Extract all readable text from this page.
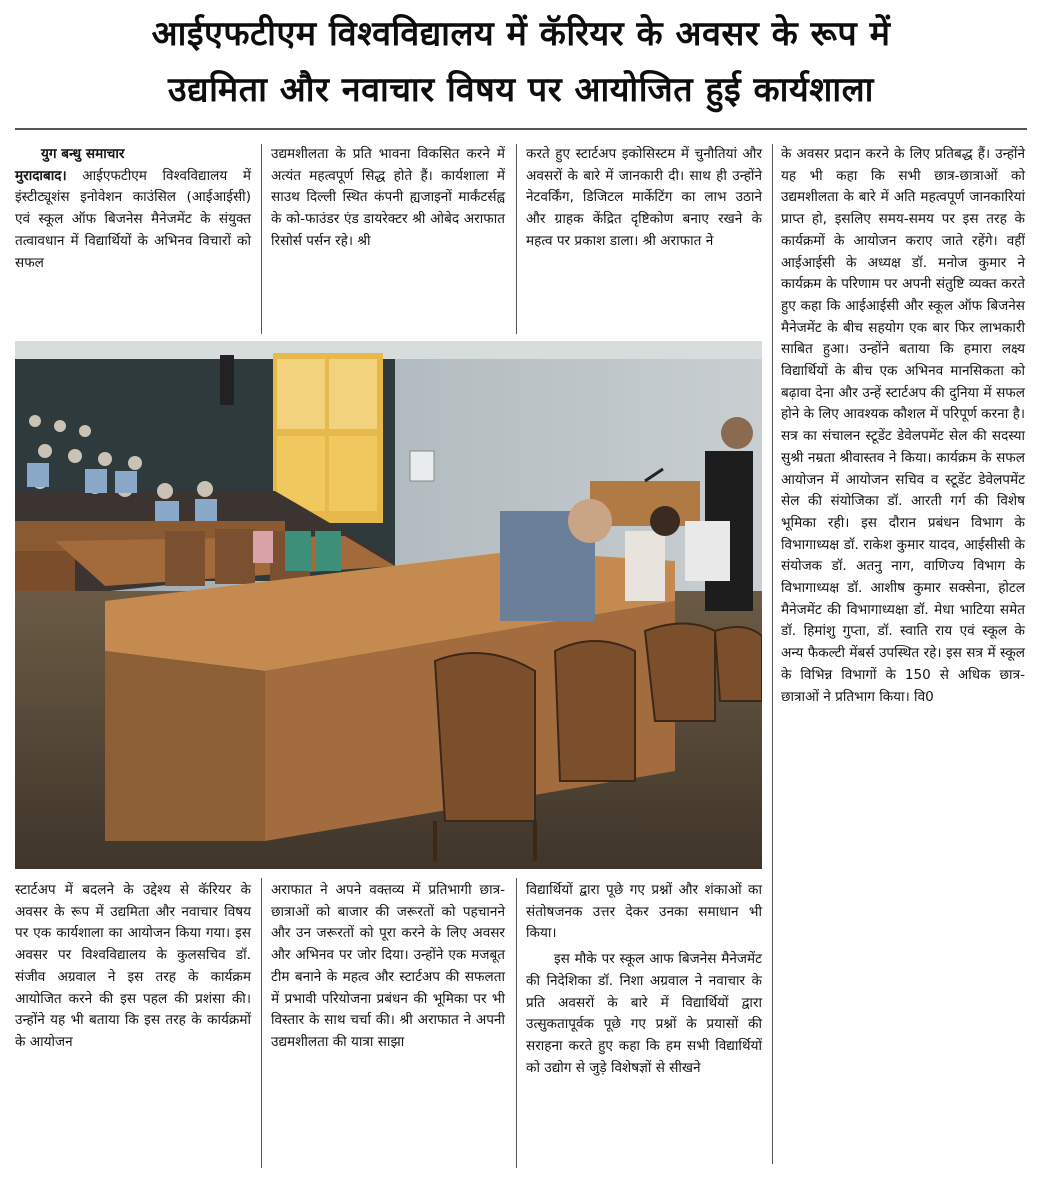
आईएफटीएम विश्वविद्यालय में कॅरियर के अवसर के रूप में
उद्यमिता और नवाचार विषय पर आयोजित हुई कार्यशाला

युग बन्धु समाचार

मुरादाबाद। आईएफटीएम विश्वविद्यालय में इंस्टीट्यूशंस इनोवेशन काउंसिल (आईआईसी) एवं स्कूल ऑफ बिजनेस मैनेजमेंट के संयुक्त तत्वावधान में विद्यार्थियों के अभिनव विचारों को सफल

उद्यमशीलता के प्रति भावना विकसित करने में अत्यंत महत्वपूर्ण सिद्ध होते हैं। कार्यशाला में साउथ दिल्ली स्थित कंपनी ह्यजाइनों मार्कंटर्सह्व के को-फाउंडर एंड डायरेक्टर श्री ओबेद अराफात रिसोर्स पर्सन रहे। श्री

करते हुए स्टार्टअप इकोसिस्टम में चुनौतियां और अवसरों के बारे में जानकारी दी। साथ ही उन्होंने नेटवर्किंग, डिजिटल मार्केटिंग का लाभ उठाने और ग्राहक केंद्रित दृष्टिकोण बनाए रखने के महत्व पर प्रकाश डाला। श्री अराफात ने

के अवसर प्रदान करने के लिए प्रतिबद्ध हैं। उन्होंने यह भी कहा कि सभी छात्र-छात्राओं को उद्यमशीलता के बारे में अति महत्वपूर्ण जानकारियां प्राप्त हो, इसलिए समय-समय पर इस तरह के कार्यक्रमों के आयोजन कराए जाते रहेंगे। वहीं आईआईसी के अध्यक्ष डॉ. मनोज कुमार ने कार्यक्रम के परिणाम पर अपनी संतुष्टि व्यक्त करते हुए कहा कि आईआईसी और स्कूल ऑफ बिजनेस मैनेजमेंट के बीच सहयोग एक बार फिर लाभकारी साबित हुआ। उन्होंने बताया कि हमारा लक्ष्य विद्यार्थियों के बीच एक अभिनव मानसिकता को बढ़ावा देना और उन्हें स्टार्टअप की दुनिया में सफल होने के लिए आवश्यक कौशल में परिपूर्ण करना है। सत्र का संचालन स्टूडेंट डेवेलपमेंट सेल की सदस्या सुश्री नम्रता श्रीवास्तव ने किया। कार्यक्रम के सफल आयोजन में आयोजन सचिव व स्टूडेंट डेवेलपमेंट सेल की संयोजिका डॉ. आरती गर्ग की विशेष भूमिका रही। इस दौरान प्रबंधन विभाग के विभागाध्यक्ष डॉ. राकेश कुमार यादव, आईसीसी के संयोजक डॉ. अतनु नाग, वाणिज्य विभाग के विभागाध्यक्ष डॉ. आशीष कुमार सक्सेना, होटल मैनेजमेंट की विभागाध्यक्षा डॉ. मेधा भाटिया समेत डॉ. हिमांशु गुप्ता, डॉ. स्वाति राय एवं स्कूल के अन्य फैकल्टी मेंबर्स उपस्थित रहे। इस सत्र में स्कूल के विभिन्न विभागों के 150 से अधिक छात्र-छात्राओं ने प्रतिभाग किया। वि0

स्टार्टअप में बदलने के उद्देश्य से कॅरियर के अवसर के रूप में उद्यमिता और नवाचार विषय पर एक कार्यशाला का आयोजन किया गया। इस अवसर पर विश्वविद्यालय के कुलसचिव डॉ. संजीव अग्रवाल ने इस तरह के कार्यक्रम आयोजित करने की इस पहल की प्रशंसा की। उन्होंने यह भी बताया कि इस तरह के कार्यक्रमों के आयोजन

अराफात ने अपने वक्तव्य में प्रतिभागी छात्र-छात्राओं को बाजार की जरूरतों को पहचानने और उन जरूरतों को पूरा करने के लिए अवसर और अभिनव पर जोर दिया। उन्होंने एक मजबूत टीम बनाने के महत्व और स्टार्टअप की सफलता में प्रभावी परियोजना प्रबंधन की भूमिका पर भी विस्तार के साथ चर्चा की। श्री अराफात ने अपनी उद्यमशीलता की यात्रा साझा

विद्यार्थियों द्वारा पूछे गए प्रश्नों और शंकाओं का संतोषजनक उत्तर देकर उनका समाधान भी किया।

इस मौके पर स्कूल आफ बिजनेस मैनेजमेंट की निदेशिका डॉ. निशा अग्रवाल ने नवाचार के प्रति अवसरों के बारे में विद्यार्थियों द्वारा उत्सुकतापूर्वक पूछे गए प्रश्नों के प्रयासों की सराहना करते हुए कहा कि हम सभी विद्यार्थियों को उद्योग से जुड़े विशेषज्ञों से सीखने
